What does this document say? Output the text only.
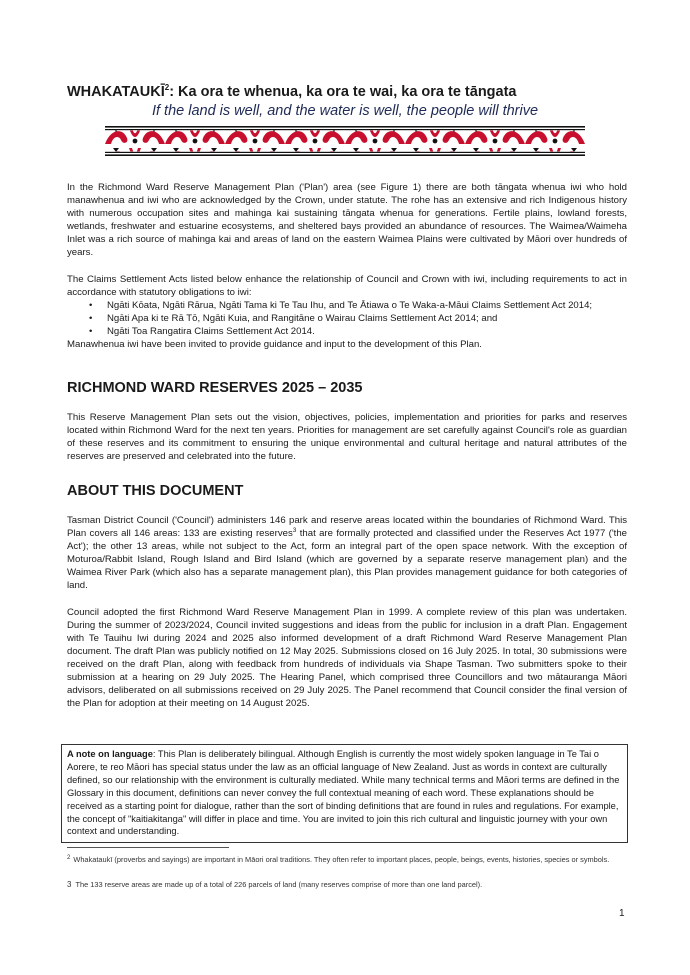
WHAKATAUKĪ$^2$: Ka ora te whenua, ka ora te wai, ka ora te tāngata
If the land is well, and the water is well, the people will thrive

In the Richmond Ward Reserve Management Plan ('Plan') area (see Figure 1) there are both tāngata whenua iwi who hold manawhenua and iwi who are acknowledged by the Crown, under statute. The rohe has an extensive and rich Indigenous history with numerous occupation sites and mahinga kai sustaining tāngata whenua for generations. Fertile plains, lowland forests, wetlands, freshwater and estuarine ecosystems, and sheltered bays provided an abundance of resources. The Waimea/Waimeha Inlet was a rich source of mahinga kai and areas of land on the eastern Waimea Plains were cultivated by Māori over hundreds of years.

The Claims Settlement Acts listed below enhance the relationship of Council and Crown with iwi, including requirements to act in accordance with statutory obligations to iwi:

• Ngāti Kōata, Ngāti Rārua, Ngāti Tama ki Te Tau Ihu, and Te Ātiawa o Te Waka-a-Māui Claims Settlement Act 2014;
• Ngāti Apa ki te Rā Tō, Ngāti Kuia, and Rangitāne o Wairau Claims Settlement Act 2014; and
• Ngāti Toa Rangatira Claims Settlement Act 2014.

Manawhenua iwi have been invited to provide guidance and input to the development of this Plan.

RICHMOND WARD RESERVES 2025 – 2035
This Reserve Management Plan sets out the vision, objectives, policies, implementation and priorities for parks and reserves located within Richmond Ward for the next ten years. Priorities for management are set carefully against Council's role as guardian of these reserves and its commitment to ensuring the unique environmental and cultural heritage and natural attributes of the reserves are preserved and celebrated into the future.
ABOUT THIS DOCUMENT

Tasman District Council ('Council') administers 146 park and reserve areas located within the boundaries of Richmond Ward. This Plan covers all 146 areas: 133 are existing reserves$^3$ that are formally protected and classified under the Reserves Act 1977 ('the Act'); the other 13 areas, while not subject to the Act, form an integral part of the open space network. With the exception of Moturoa/Rabbit Island, Rough Island and Bird Island (which are governed by a separate reserve management plan) and the Waimea River Park (which also has a separate management plan), this Plan provides management guidance for both categories of land.

Council adopted the first Richmond Ward Reserve Management Plan in 1999. A complete review of this plan was undertaken. During the summer of 2023/2024, Council invited suggestions and ideas from the public for inclusion in a draft Plan. Engagement with Te Tauihu Iwi during 2024 and 2025 also informed development of a draft Richmond Ward Reserve Management Plan document. The draft Plan was publicly notified on 12 May 2025. Submissions closed on 16 July 2025. In total, 30 submissions were received on the draft Plan, along with feedback from hundreds of individuals via Shape Tasman. Two submitters spoke to their submission at a hearing on 29 July 2025. The Hearing Panel, which comprised three Councillors and two mātauranga Māori advisors, deliberated on all submissions received on 29 July 2025. The Panel recommend that Council consider the final version of the Plan for adoption at their meeting on 14 August 2025.

A note on language: This Plan is deliberately bilingual. Although English is currently the most widely spoken language in Te Tai o Aorere, te reo Māori has special status under the law as an official language of New Zealand. Just as words in context are culturally defined, so our relationship with the environment is culturally mediated. While many technical terms and Māori terms are defined in the Glossary in this document, definitions can never convey the full contextual meaning of each word. These explanations should be received as a starting point for dialogue, rather than the sort of binding definitions that are found in rules and regulations. For example, the concept of "kaitiakitanga" will differ in place and time. You are invited to join this rich cultural and linguistic journey with your own context and understanding.
$^2$ Whakataukī (proverbs and sayings) are important in Māori oral traditions. They often refer to important places, people, beings, events, histories, species or symbols.
3 The 133 reserve areas are made up of a total of 226 parcels of land (many reserves comprise of more than one land parcel).
1
